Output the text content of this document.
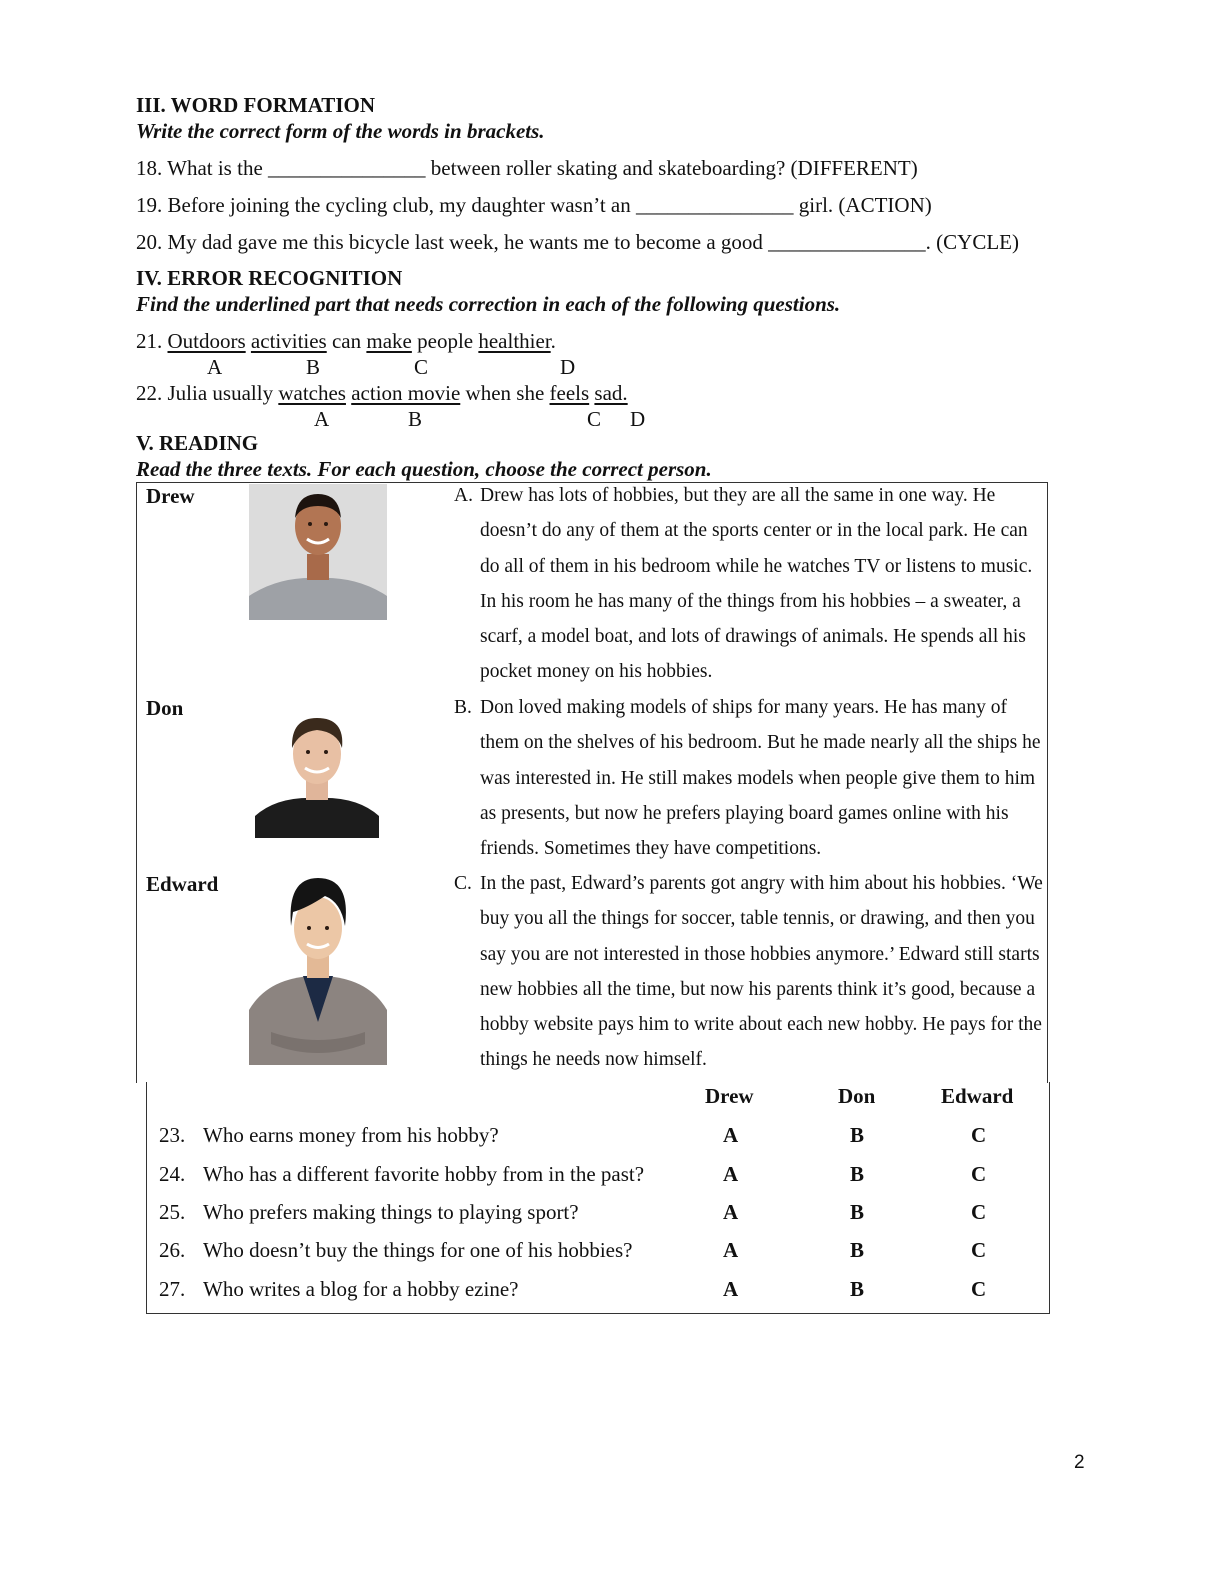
III. WORD FORMATION
Write the correct form of the words in brackets.
18. What is the _______________ between roller skating and skateboarding? (DIFFERENT)
19. Before joining the cycling club, my daughter wasn’t an _______________ girl. (ACTION)
20. My dad gave me this bicycle last week, he wants me to become a good _______________. (CYCLE)
IV. ERROR RECOGNITION
Find the underlined part that needs correction in each of the following questions.
21. Outdoors activities can make people healthier.
A	B	C	D
22. Julia usually watches action movie when she feels sad.
A	B	C D
V. READING
Read the three texts. For each question, choose the correct person.
Drew	A. Drew has lots of hobbies, but they are all the same in one way. He doesn’t do any of them at the sports center or in the local park. He can do all of them in his bedroom while he watches TV or listens to music. In his room he has many of the things from his hobbies – a sweater, a scarf, a model boat, and lots of drawings of animals. He spends all his pocket money on his hobbies.
Don	B. Don loved making models of ships for many years. He has many of them on the shelves of his bedroom. But he made nearly all the ships he was interested in. He still makes models when people give them to him as presents, but now he prefers playing board games online with his friends. Sometimes they have competitions.
Edward	C. In the past, Edward’s parents got angry with him about his hobbies. ‘We buy you all the things for soccer, table tennis, or drawing, and then you say you are not interested in those hobbies anymore.’ Edward still starts new hobbies all the time, but now his parents think it’s good, because a hobby website pays him to write about each new hobby. He pays for the things he needs now himself.
Drew	Don	Edward
23. Who earns money from his hobby?	A	B	C
24. Who has a different favorite hobby from in the past?	A	B	C
25. Who prefers making things to playing sport?	A	B	C
26. Who doesn’t buy the things for one of his hobbies?	A	B	C
27. Who writes a blog for a hobby ezine?	A	B	C
2
